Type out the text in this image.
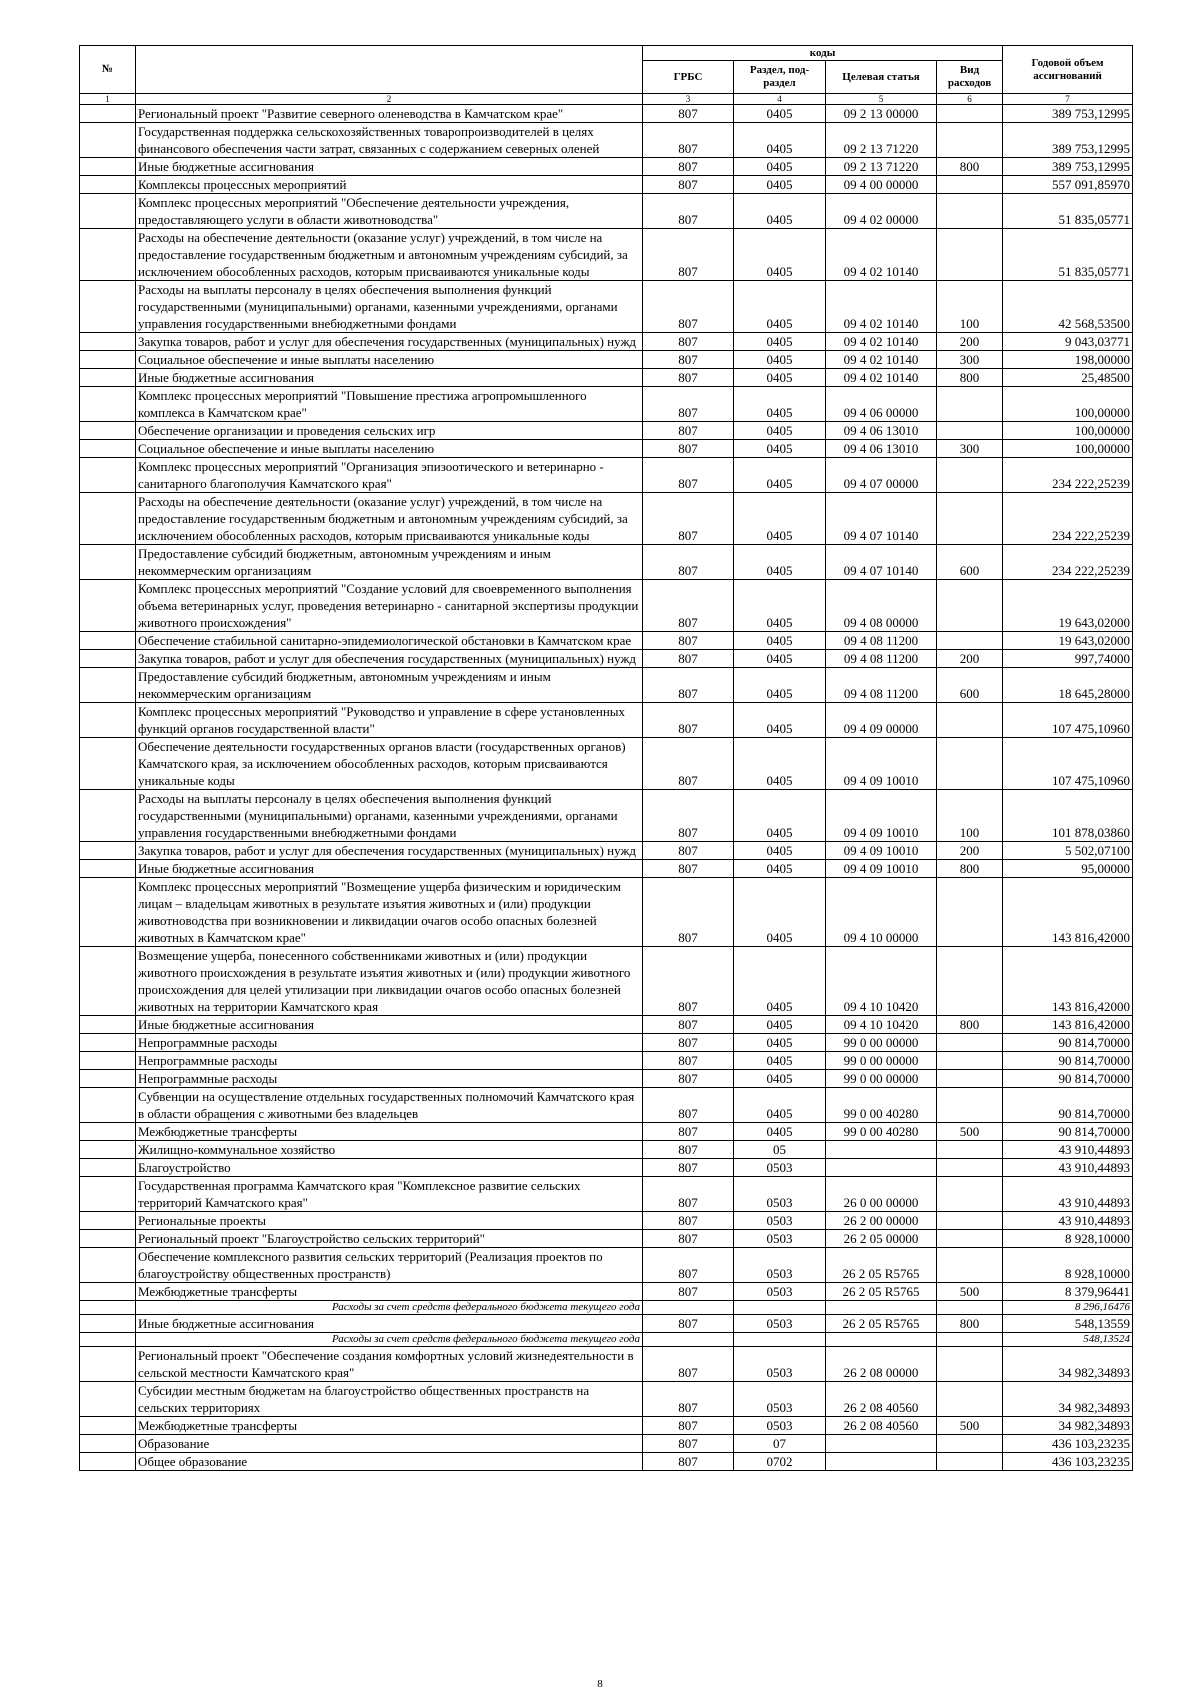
№		коды				Годовой объем ассигнований
		ГРБС	Раздел, под-раздел	Целевая статья	Вид расходов	
1	2	3	4	5	6	7
	Региональный проект "Развитие северного оленеводства в Камчатском крае"	807	0405	09 2 13 00000		389 753,12995
	Государственная поддержка сельскохозяйственных товаропроизводителей в целях финансового обеспечения части затрат, связанных с содержанием северных оленей	807	0405	09 2 13 71220		389 753,12995
	Иные бюджетные ассигнования	807	0405	09 2 13 71220	800	389 753,12995
	Комплексы процессных мероприятий	807	0405	09 4 00 00000		557 091,85970
	Комплекс процессных мероприятий "Обеспечение деятельности учреждения, предоставляющего услуги в области животноводства"	807	0405	09 4 02 00000		51 835,05771
	Расходы на обеспечение деятельности (оказание услуг) учреждений, в том числе на предоставление государственным бюджетным и автономным учреждениям субсидий, за исключением обособленных расходов, которым присваиваются уникальные коды	807	0405	09 4 02 10140		51 835,05771
	Расходы на выплаты персоналу в целях обеспечения выполнения функций государственными (муниципальными) органами, казенными учреждениями, органами управления государственными внебюджетными фондами	807	0405	09 4 02 10140	100	42 568,53500
	Закупка товаров, работ и услуг для обеспечения государственных (муниципальных) нужд	807	0405	09 4 02 10140	200	9 043,03771
	Социальное обеспечение и иные выплаты населению	807	0405	09 4 02 10140	300	198,00000
	Иные бюджетные ассигнования	807	0405	09 4 02 10140	800	25,48500
	Комплекс процессных мероприятий "Повышение престижа агропромышленного комплекса в Камчатском крае"	807	0405	09 4 06 00000		100,00000
	Обеспечение организации и проведения сельских игр	807	0405	09 4 06 13010		100,00000
	Социальное обеспечение и иные выплаты населению	807	0405	09 4 06 13010	300	100,00000
	Комплекс процессных мероприятий "Организация эпизоотического и ветеринарно - санитарного благополучия Камчатского края"	807	0405	09 4 07 00000		234 222,25239
	Расходы на обеспечение деятельности (оказание услуг) учреждений, в том числе на предоставление государственным бюджетным и автономным учреждениям субсидий, за исключением обособленных расходов, которым присваиваются уникальные коды	807	0405	09 4 07 10140		234 222,25239
	Предоставление субсидий бюджетным, автономным учреждениям и иным некоммерческим организациям	807	0405	09 4 07 10140	600	234 222,25239
	Комплекс процессных мероприятий "Создание условий для своевременного выполнения объема ветеринарных услуг, проведения ветеринарно - санитарной экспертизы продукции животного происхождения"	807	0405	09 4 08 00000		19 643,02000
	Обеспечение стабильной санитарно-эпидемиологической обстановки в Камчатском крае	807	0405	09 4 08 11200		19 643,02000
	Закупка товаров, работ и услуг для обеспечения государственных (муниципальных) нужд	807	0405	09 4 08 11200	200	997,74000
	Предоставление субсидий бюджетным, автономным учреждениям и иным некоммерческим организациям	807	0405	09 4 08 11200	600	18 645,28000
	Комплекс процессных мероприятий "Руководство и управление в сфере установленных функций органов государственной власти"	807	0405	09 4 09 00000		107 475,10960
	Обеспечение деятельности государственных органов власти (государственных органов) Камчатского края, за исключением обособленных расходов, которым присваиваются уникальные коды	807	0405	09 4 09 10010		107 475,10960
	Расходы на выплаты персоналу в целях обеспечения выполнения функций государственными (муниципальными) органами, казенными учреждениями, органами управления государственными внебюджетными фондами	807	0405	09 4 09 10010	100	101 878,03860
	Закупка товаров, работ и услуг для обеспечения государственных (муниципальных) нужд	807	0405	09 4 09 10010	200	5 502,07100
	Иные бюджетные ассигнования	807	0405	09 4 09 10010	800	95,00000
	Комплекс процессных мероприятий "Возмещение ущерба физическим и юридическим лицам – владельцам животных в результате изъятия животных и (или) продукции животноводства при возникновении и ликвидации очагов особо опасных болезней животных в Камчатском крае"	807	0405	09 4 10 00000		143 816,42000
	Возмещение ущерба, понесенного собственниками животных и (или) продукции животного происхождения в результате изъятия животных и (или) продукции животного происхождения для целей утилизации при ликвидации очагов особо опасных болезней животных на территории Камчатского края	807	0405	09 4 10 10420		143 816,42000
	Иные бюджетные ассигнования	807	0405	09 4 10 10420	800	143 816,42000
	Непрограммные расходы	807	0405	99 0 00 00000		90 814,70000
	Непрограммные расходы	807	0405	99 0 00 00000		90 814,70000
	Непрограммные расходы	807	0405	99 0 00 00000		90 814,70000
	Субвенции на осуществление отдельных государственных полномочий Камчатского края в области обращения с животными без владельцев	807	0405	99 0 00 40280		90 814,70000
	Межбюджетные трансферты	807	0405	99 0 00 40280	500	90 814,70000
	Жилищно-коммунальное хозяйство	807	05			43 910,44893
	Благоустройство	807	0503			43 910,44893
	Государственная программа Камчатского края "Комплексное развитие сельских территорий Камчатского края"	807	0503	26 0 00 00000		43 910,44893
	Региональные проекты	807	0503	26 2 00 00000		43 910,44893
	Региональный проект "Благоустройство сельских территорий"	807	0503	26 2 05 00000		8 928,10000
	Обеспечение комплексного развития сельских территорий (Реализация проектов по благоустройству общественных пространств)	807	0503	26 2 05 R5765		8 928,10000
	Межбюджетные трансферты	807	0503	26 2 05 R5765	500	8 379,96441
	Расходы за счет средств федерального бюджета текущего года					8 296,16476
	Иные бюджетные ассигнования	807	0503	26 2 05 R5765	800	548,13559
	Расходы за счет средств федерального бюджета текущего года					548,13524
	Региональный проект "Обеспечение создания комфортных условий жизнедеятельности в сельской местности Камчатского края"	807	0503	26 2 08 00000		34 982,34893
	Субсидии местным бюджетам на благоустройство общественных пространств на сельских территориях	807	0503	26 2 08 40560		34 982,34893
	Межбюджетные трансферты	807	0503	26 2 08 40560	500	34 982,34893
	Образование	807	07			436 103,23235
	Общее образование	807	0702			436 103,23235
8
